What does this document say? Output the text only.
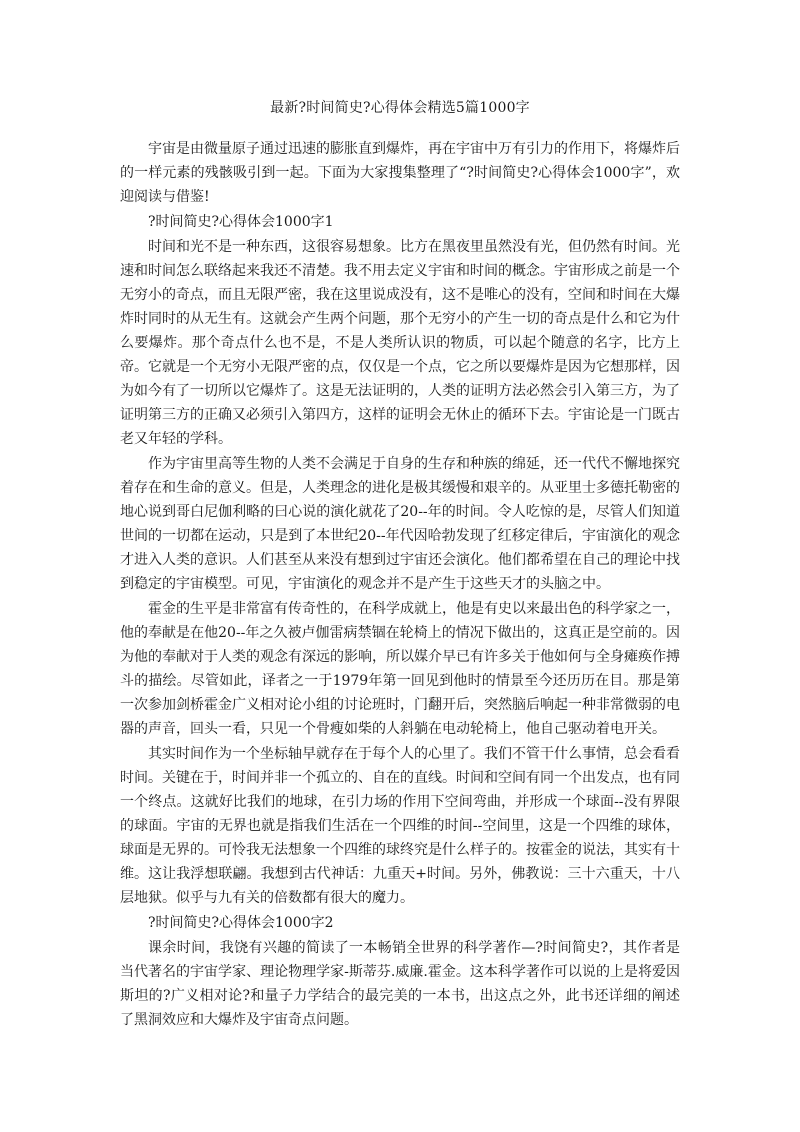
最新?时间简史?心得体会精选5篇1000字

宇宙是由微量原子通过迅速的膨胀直到爆炸，再在宇宙中万有引力的作用下，将爆炸后的一样元素的残骸吸引到一起。下面为大家搜集整理了“?时间简史?心得体会1000字”，欢迎阅读与借鉴!

?时间简史?心得体会1000字1

时间和光不是一种东西，这很容易想象。比方在黑夜里虽然没有光，但仍然有时间。光速和时间怎么联络起来我还不清楚。我不用去定义宇宙和时间的概念。宇宙形成之前是一个无穷小的奇点，而且无限严密，我在这里说成没有，这不是唯心的没有，空间和时间在大爆炸时同时的从无生有。这就会产生两个问题，那个无穷小的产生一切的奇点是什么和它为什么要爆炸。那个奇点什么也不是，不是人类所认识的物质，可以起个随意的名字，比方上帝。它就是一个无穷小无限严密的点，仅仅是一个点，它之所以要爆炸是因为它想那样，因为如今有了一切所以它爆炸了。这是无法证明的，人类的证明方法必然会引入第三方，为了证明第三方的正确又必须引入第四方，这样的证明会无休止的循环下去。宇宙论是一门既古老又年轻的学科。

作为宇宙里高等生物的人类不会满足于自身的生存和种族的绵延，还一代代不懈地探究着存在和生命的意义。但是，人类理念的进化是极其缓慢和艰辛的。从亚里士多德托勒密的地心说到哥白尼伽利略的曰心说的演化就花了20--年的时间。令人吃惊的是，尽管人们知道世间的一切都在运动，只是到了本世纪20--年代因哈勃发现了红移定律后，宇宙演化的观念才进入人类的意识。人们甚至从来没有想到过宇宙还会演化。他们都希望在自己的理论中找到稳定的宇宙模型。可见，宇宙演化的观念并不是产生于这些天才的头脑之中。

霍金的生平是非常富有传奇性的，在科学成就上，他是有史以来最出色的科学家之一，他的奉献是在他20--年之久被卢伽雷病禁锢在轮椅上的情况下做出的，这真正是空前的。因为他的奉献对于人类的观念有深远的影响，所以媒介早已有许多关于他如何与全身瘫痪作搏斗的描绘。尽管如此，译者之一于1979年第一回见到他时的情景至今还历历在目。那是第一次参加剑桥霍金广义相对论小组的讨论班时，门翻开后，突然脑后响起一种非常微弱的电器的声音，回头一看，只见一个骨瘦如柴的人斜躺在电动轮椅上，他自己驱动着电开关。

其实时间作为一个坐标轴早就存在于每个人的心里了。我们不管干什么事情，总会看看时间。关键在于，时间并非一个孤立的、自在的直线。时间和空间有同一个出发点，也有同一个终点。这就好比我们的地球，在引力场的作用下空间弯曲，并形成一个球面--没有界限的球面。宇宙的无界也就是指我们生活在一个四维的时间--空间里，这是一个四维的球体，球面是无界的。可怜我无法想象一个四维的球终究是什么样子的。按霍金的说法，其实有十维。这让我浮想联翩。我想到古代神话：九重天+时间。另外，佛教说：三十六重天，十八层地狱。似乎与九有关的倍数都有很大的魔力。

?时间简史?心得体会1000字2

课余时间，我饶有兴趣的简读了一本畅销全世界的科学著作—?时间简史?，其作者是当代著名的宇宙学家、理论物理学家-斯蒂芬.威廉.霍金。这本科学著作可以说的上是将爱因斯坦的?广义相对论?和量子力学结合的最完美的一本书，出这点之外，此书还详细的阐述了黑洞效应和大爆炸及宇宙奇点问题。
